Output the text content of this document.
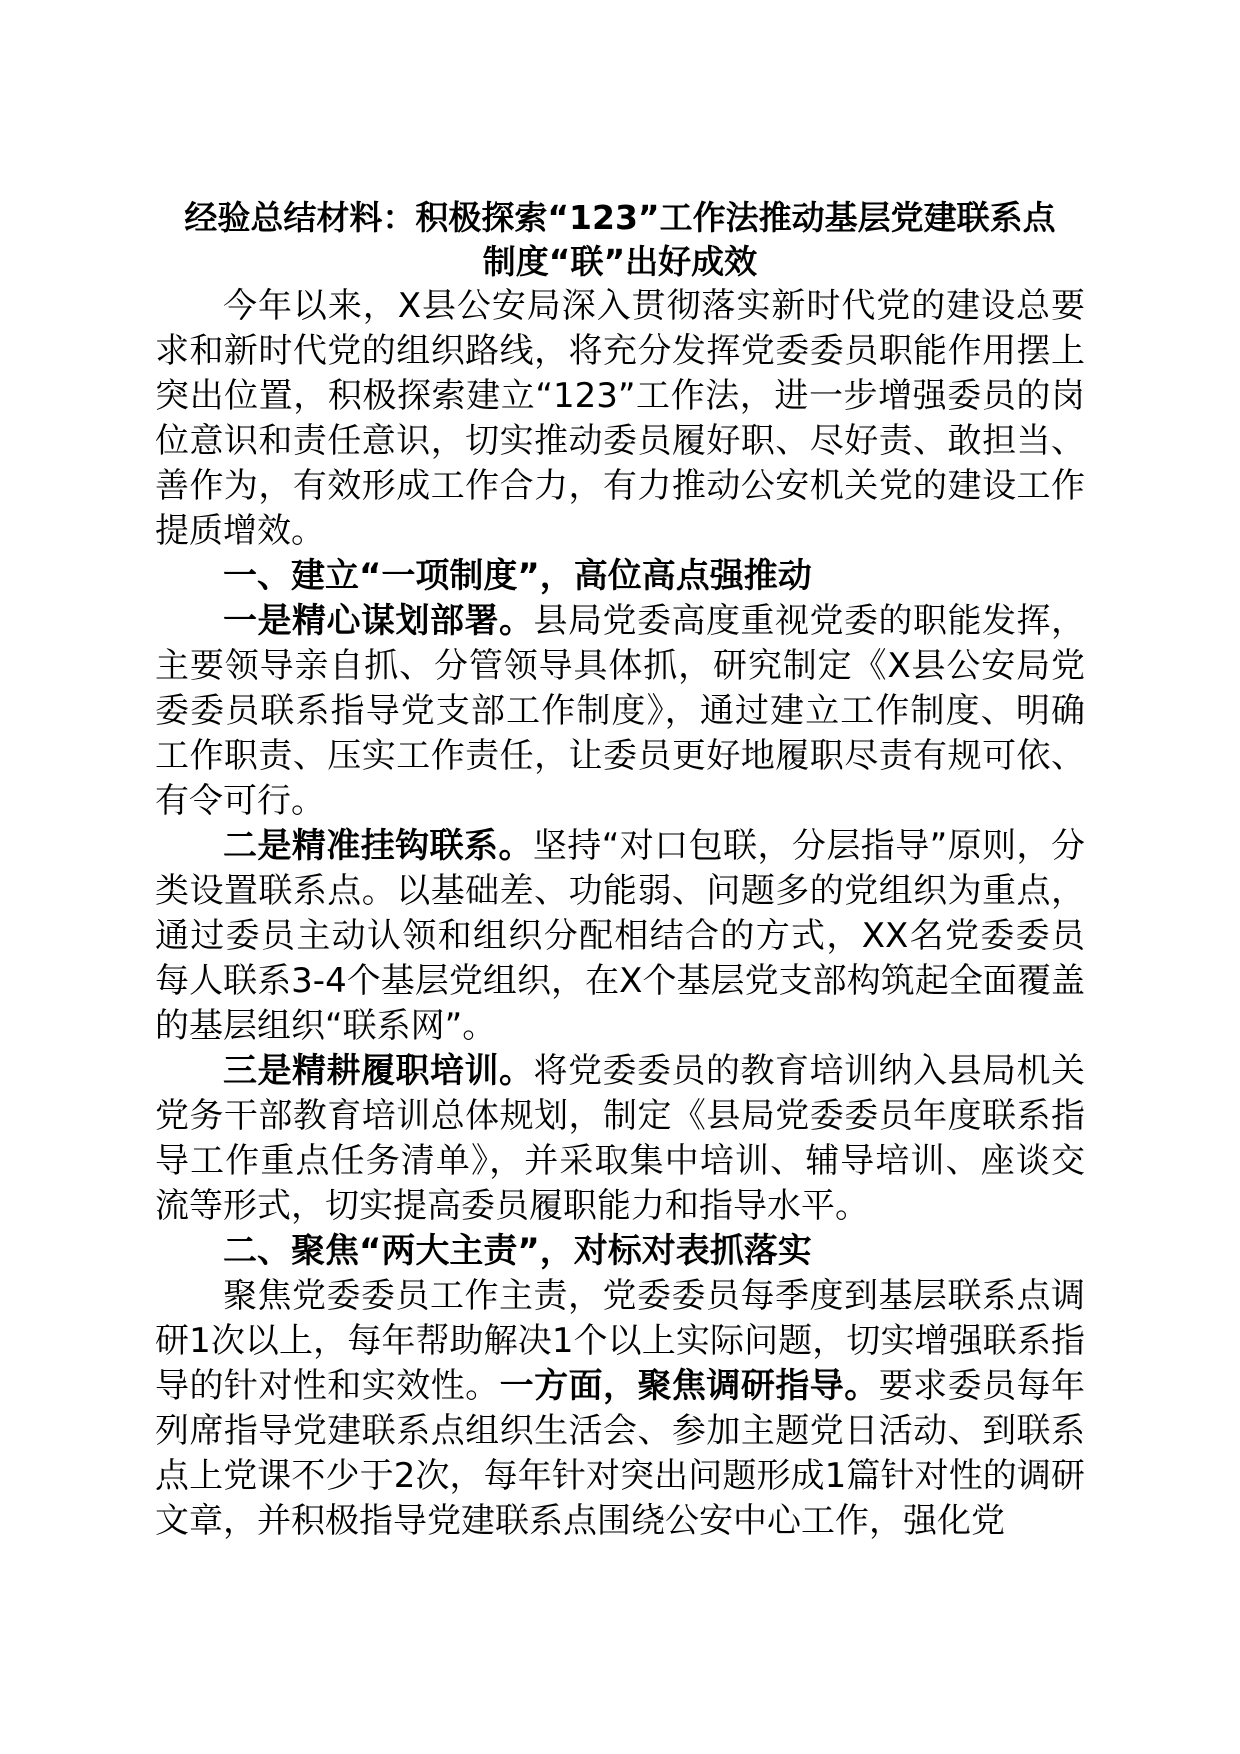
经验总结材料：积极探索“123”工作法推动基层党建联系点
制度“联”出好成效

今年以来，X县公安局深入贯彻落实新时代党的建设总要求和新时代党的组织路线，将充分发挥党委委员职能作用摆上突出位置，积极探索建立“123”工作法，进一步增强委员的岗位意识和责任意识，切实推动委员履好职、尽好责、敢担当、善作为，有效形成工作合力，有力推动公安机关党的建设工作提质增效。

一、建立“一项制度”，高位高点强推动

一是精心谋划部署。县局党委高度重视党委的职能发挥，主要领导亲自抓、分管领导具体抓，研究制定《X县公安局党委委员联系指导党支部工作制度》，通过建立工作制度、明确工作职责、压实工作责任，让委员更好地履职尽责有规可依、有令可行。

二是精准挂钩联系。坚持“对口包联，分层指导”原则，分类设置联系点。以基础差、功能弱、问题多的党组织为重点，通过委员主动认领和组织分配相结合的方式，XX名党委委员每人联系3-4个基层党组织，在X个基层党支部构筑起全面覆盖的基层组织“联系网”。

三是精耕履职培训。将党委委员的教育培训纳入县局机关党务干部教育培训总体规划，制定《县局党委委员年度联系指导工作重点任务清单》，并采取集中培训、辅导培训、座谈交流等形式，切实提高委员履职能力和指导水平。

二、聚焦“两大主责”，对标对表抓落实

聚焦党委委员工作主责，党委委员每季度到基层联系点调研1次以上，每年帮助解决1个以上实际问题，切实增强联系指导的针对性和实效性。一方面，聚焦调研指导。要求委员每年列席指导党建联系点组织生活会、参加主题党日活动、到联系点上党课不少于2次，每年针对突出问题形成1篇针对性的调研文章，并积极指导党建联系点围绕公安中心工作，强化党
